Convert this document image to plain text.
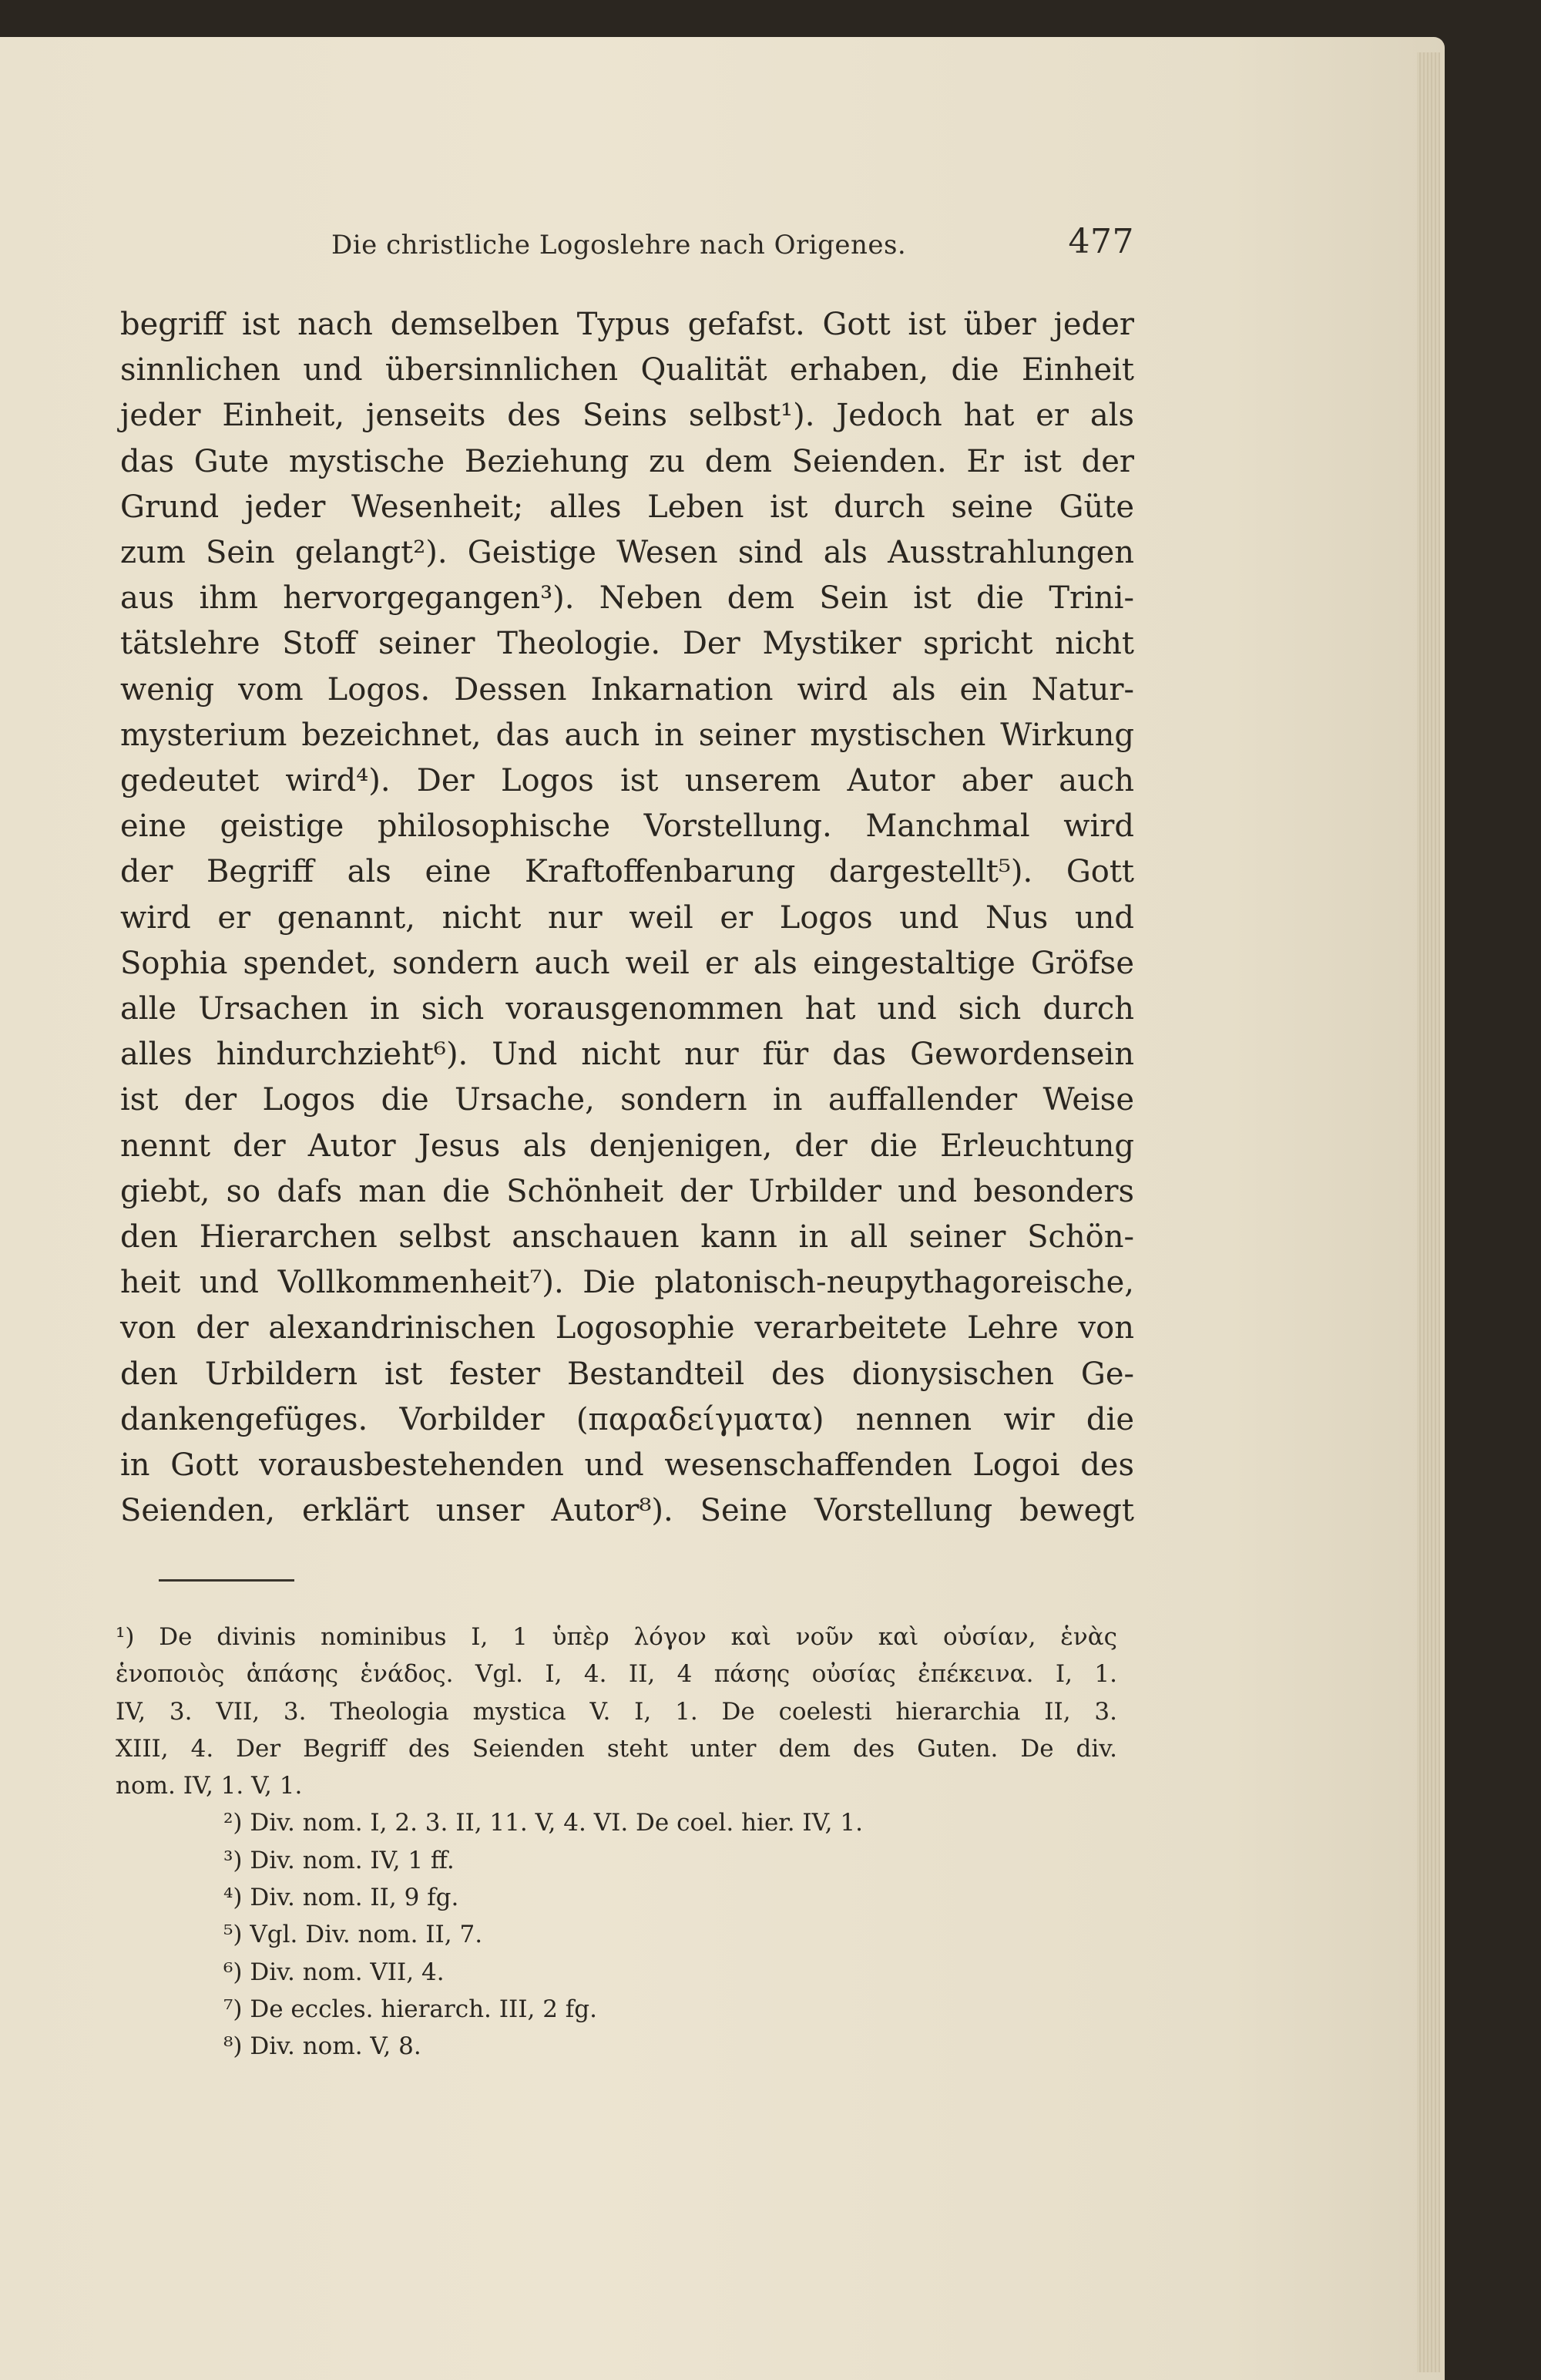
Die christliche Logoslehre nach Origenes.	477
begriff ist nach demselben Typus gefafst. Gott ist über jeder
sinnlichen und übersinnlichen Qualität erhaben, die Einheit
jeder Einheit, jenseits des Seins selbst¹). Jedoch hat er als
das Gute mystische Beziehung zu dem Seienden. Er ist der
Grund jeder Wesenheit; alles Leben ist durch seine Güte
zum Sein gelangt²). Geistige Wesen sind als Ausstrahlungen
aus ihm hervorgegangen³). Neben dem Sein ist die Trini-
tätslehre Stoff seiner Theologie. Der Mystiker spricht nicht
wenig vom Logos. Dessen Inkarnation wird als ein Natur-
mysterium bezeichnet, das auch in seiner mystischen Wirkung
gedeutet wird⁴). Der Logos ist unserem Autor aber auch
eine geistige philosophische Vorstellung. Manchmal wird
der Begriff als eine Kraftoffenbarung dargestellt⁵). Gott
wird er genannt, nicht nur weil er Logos und Nus und
Sophia spendet, sondern auch weil er als eingestaltige Gröfse
alle Ursachen in sich vorausgenommen hat und sich durch
alles hindurchzieht⁶). Und nicht nur für das Gewordensein
ist der Logos die Ursache, sondern in auffallender Weise
nennt der Autor Jesus als denjenigen, der die Erleuchtung
giebt, so dafs man die Schönheit der Urbilder und besonders
den Hierarchen selbst anschauen kann in all seiner Schön-
heit und Vollkommenheit⁷). Die platonisch-neupythagoreische,
von der alexandrinischen Logosophie verarbeitete Lehre von
den Urbildern ist fester Bestandteil des dionysischen Ge-
dankengefüges. Vorbilder (παραδείγματα) nennen wir die
in Gott vorausbestehenden und wesenschaffenden Logoi des
Seienden, erklärt unser Autor⁸). Seine Vorstellung bewegt
¹) De divinis nominibus I, 1 ὑπὲρ λόγον καὶ νοῦν καὶ οὐσίαν, ἑνὰς
ἑνοποιὸς ἁπάσης ἑνάδος. Vgl. I, 4. II, 4 πάσης οὐσίας ἐπέκεινα. I, 1.
IV, 3. VII, 3. Theologia mystica V. I, 1. De coelesti hierarchia II, 3.
XIII, 4. Der Begriff des Seienden steht unter dem des Guten. De div.
nom. IV, 1. V, 1.
²) Div. nom. I, 2. 3. II, 11. V, 4. VI. De coel. hier. IV, 1.
³) Div. nom. IV, 1 ff.
⁴) Div. nom. II, 9 fg.
⁵) Vgl. Div. nom. II, 7.
⁶) Div. nom. VII, 4.
⁷) De eccles. hierarch. III, 2 fg.
⁸) Div. nom. V, 8.
